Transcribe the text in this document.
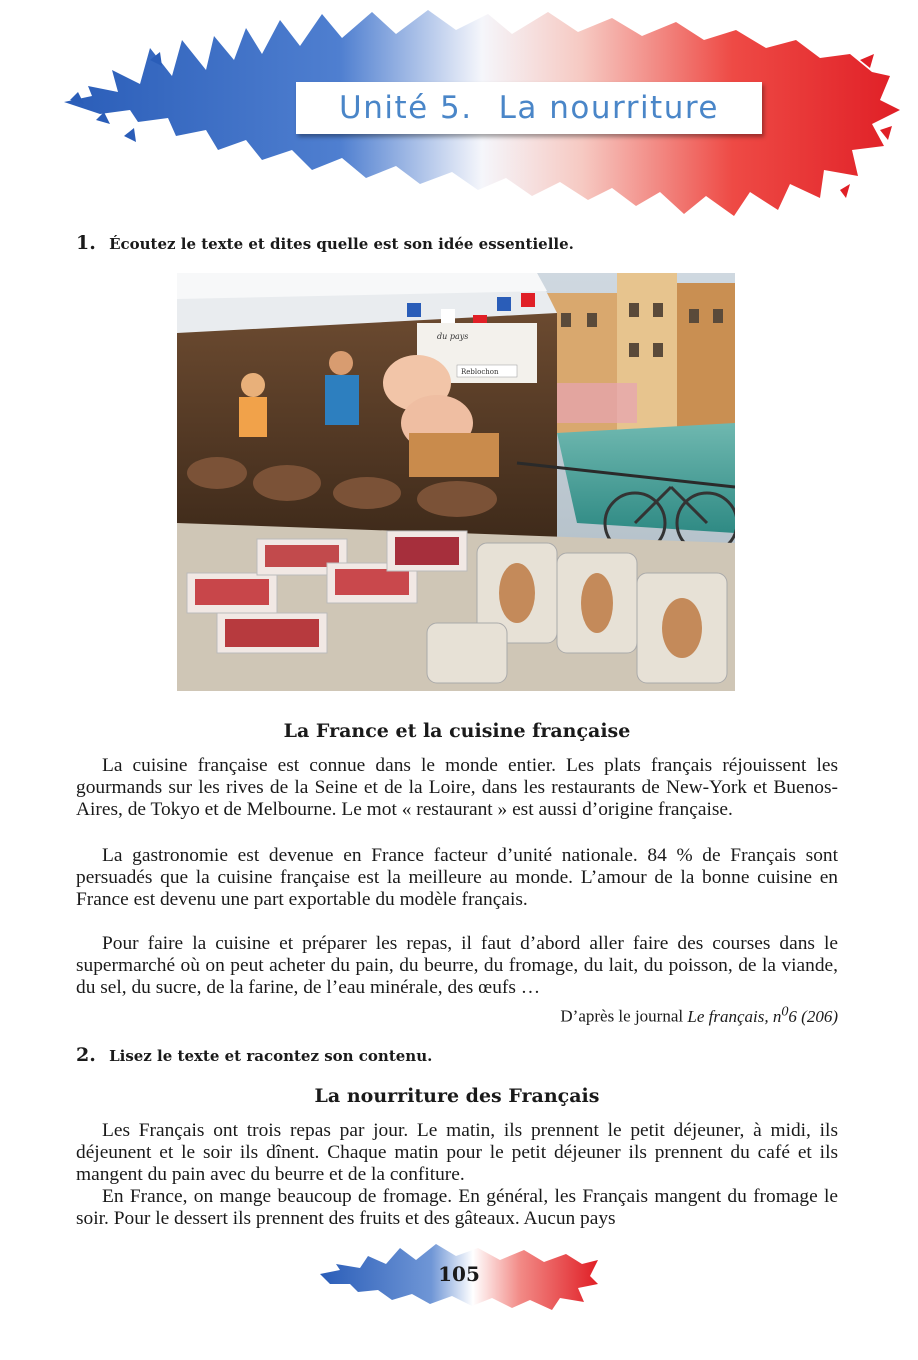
Unité 5. La nourriture
1. Écoutez le texte et dites quelle est son idée essentielle.
du pays
Reblochon
La France et la cuisine française

La cuisine française est connue dans le monde entier. Les plats français réjouissent les gourmands sur les rives de la Seine et de la Loire, dans les restaurants de New-York et Buenos-Aires, de Tokyo et de Melbourne. Le mot « restaurant » est aussi d’origine française.

La gastronomie est devenue en France facteur d’unité nationale. 84 % de Français sont persuadés que la cuisine française est la meilleure au monde. L’amour de la bonne cuisine en France est devenu une part exportable du modèle français.

Pour faire la cuisine et préparer les repas, il faut d’abord aller faire des courses dans le supermarché où on peut acheter du pain, du beurre, du fromage, du lait, du poisson, de la viande, du sel, du sucre, de la farine, de l’eau minérale, des œufs …

D’après le journal Le français, $n^06$ (206)
2. Lisez le texte et racontez son contenu.
La nourriture des Français

Les Français ont trois repas par jour. Le matin, ils prennent le petit déjeuner, à midi, ils déjeunent et le soir ils dînent. Chaque matin pour le petit déjeuner ils prennent du café et ils mangent du pain avec du beurre et de la confiture.

En France, on mange beaucoup de fromage. En général, les Français mangent du fromage le soir. Pour le dessert ils prennent des fruits et des gâteaux. Aucun pays

105
